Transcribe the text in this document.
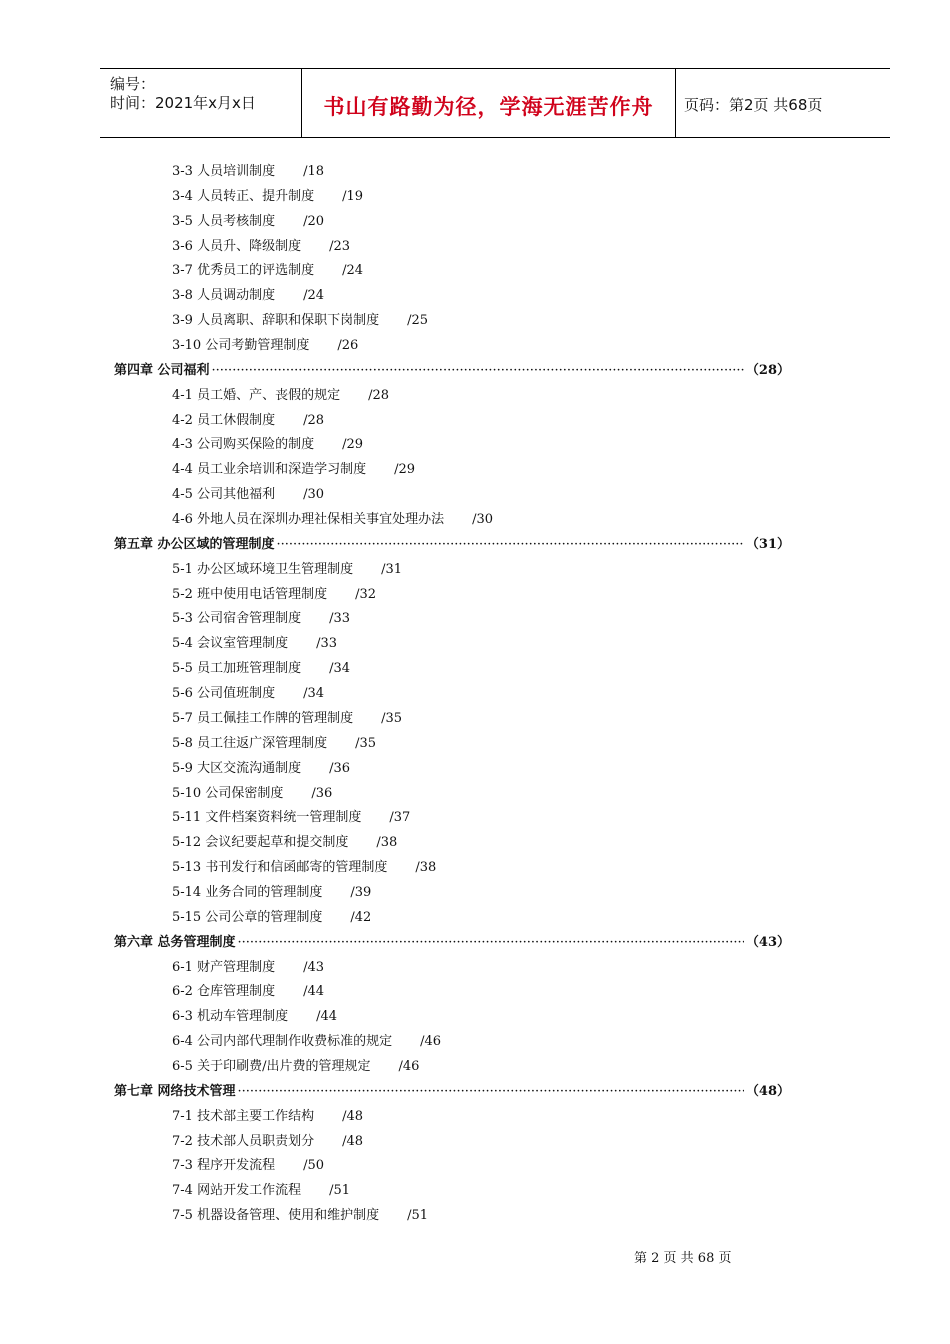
编号：
时间：2021年x月x日	书山有路勤为径，学海无涯苦作舟	页码：第2页 共68页
3-3 人员培训制度 /18
3-4 人员转正、提升制度 /19
3-5 人员考核制度 /20
3-6 人员升、降级制度 /23
3-7 优秀员工的评选制度 /24
3-8 人员调动制度 /24
3-9 人员离职、辞职和保职下岗制度 /25
3-10 公司考勤管理制度 /26
第四章 公司福利 ·····	（28）
4-1 员工婚、产、丧假的规定 /28
4-2 员工休假制度 /28
4-3 公司购买保险的制度 /29
4-4 员工业余培训和深造学习制度 /29
4-5 公司其他福利 /30
4-6 外地人员在深圳办理社保相关事宜处理办法 /30
第五章 办公区域的管理制度 ·····	（31）
5-1 办公区域环境卫生管理制度 /31
5-2 班中使用电话管理制度 /32
5-3 公司宿舍管理制度 /33
5-4 会议室管理制度 /33
5-5 员工加班管理制度 /34
5-6 公司值班制度 /34
5-7 员工佩挂工作牌的管理制度 /35
5-8 员工往返广深管理制度 /35
5-9 大区交流沟通制度 /36
5-10 公司保密制度 /36
5-11 文件档案资料统一管理制度 /37
5-12 会议纪要起草和提交制度 /38
5-13 书刊发行和信函邮寄的管理制度 /38
5-14 业务合同的管理制度 /39
5-15 公司公章的管理制度 /42
第六章 总务管理制度 ·····	（43）
6-1 财产管理制度 /43
6-2 仓库管理制度 /44
6-3 机动车管理制度 /44
6-4 公司内部代理制作收费标准的规定 /46
6-5 关于印刷费/出片费的管理规定 /46
第七章 网络技术管理 ·····	（48）
7-1 技术部主要工作结构 /48
7-2 技术部人员职责划分 /48
7-3 程序开发流程 /50
7-4 网站开发工作流程 /51
7-5 机器设备管理、使用和维护制度 /51
第 2 页 共 68 页
